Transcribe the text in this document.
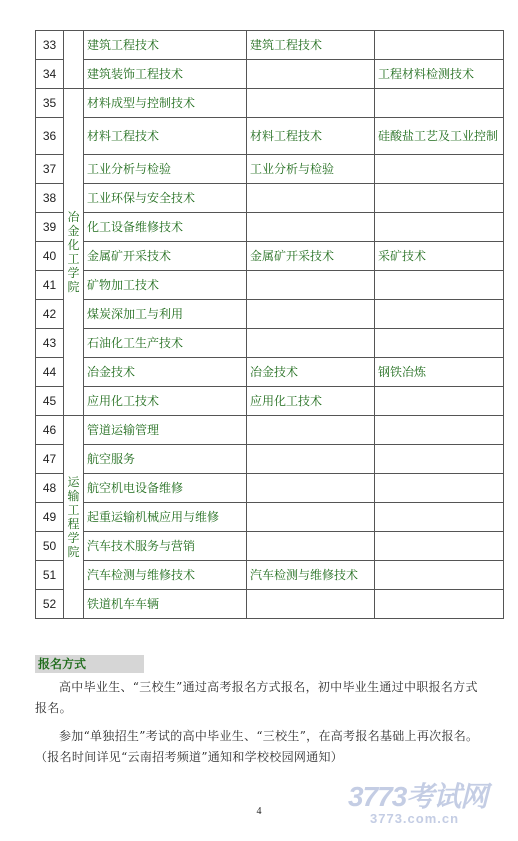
33		建筑工程技术	建筑工程技术	
34		建筑装饰工程技术		工程材料检测技术
35	冶金化工学院	材料成型与控制技术		
36		材料工程技术	材料工程技术	硅酸盐工艺及工业控制
37		工业分析与检验	工业分析与检验	
38		工业环保与安全技术		
39		化工设备维修技术		
40		金属矿开采技术	金属矿开采技术	采矿技术
41		矿物加工技术		
42		煤炭深加工与利用		
43		石油化工生产技术		
44		冶金技术	冶金技术	钢铁冶炼
45		应用化工技术	应用化工技术	
46	运输工程学院	管道运输管理		
47		航空服务		
48		航空机电设备维修		
49		起重运输机械应用与维修		
50		汽车技术服务与营销		
51		汽车检测与维修技术	汽车检测与维修技术	
52		铁道机车车辆		
报名方式
高中毕业生、“三校生”通过高考报名方式报名，初中毕业生通过中职报名方式报名。
参加“单独招生”考试的高中毕业生、“三校生”，在高考报名基础上再次报名。（报名时间详见“云南招考频道”通知和学校校园网通知）
4	3773考试网
3773.com.cn
